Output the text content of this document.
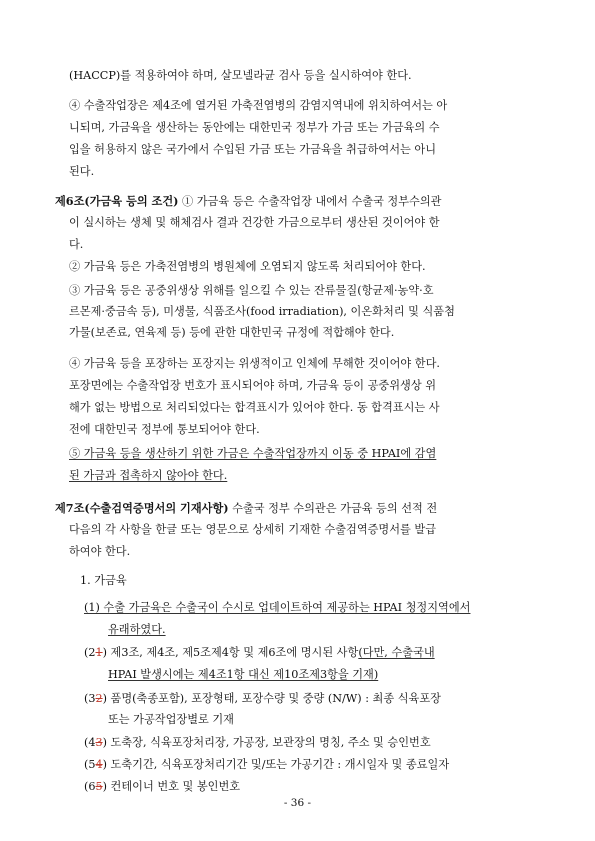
(HACCP)를 적용하여야 하며, 살모넬라균 검사 등을 실시하여야 한다.
④ 수출작업장은 제4조에 열거된 가축전염병의 감염지역내에 위치하여서는 아
니되며, 가금육을 생산하는 동안에는 대한민국 정부가 가금 또는 가금육의 수
입을 허용하지 않은 국가에서 수입된 가금 또는 가금육을 취급하여서는 아니
된다.
제6조(가금육 등의 조건) ① 가금육 등은 수출작업장 내에서 수출국 정부수의관
이 실시하는 생체 및 해체검사 결과 건강한 가금으로부터 생산된 것이어야 한
다.
② 가금육 등은 가축전염병의 병원체에 오염되지 않도록 처리되어야 한다.
③ 가금육 등은 공중위생상 위해를 일으킬 수 있는 잔류물질(항균제·농약·호
르몬제·중금속 등), 미생물, 식품조사(food irradiation), 이온화처리 및 식품첨
가물(보존료, 연육제 등) 등에 관한 대한민국 규정에 적합해야 한다.
④ 가금육 등을 포장하는 포장지는 위생적이고 인체에 무해한 것이어야 한다.
포장면에는 수출작업장 번호가 표시되어야 하며, 가금육 등이 공중위생상 위
해가 없는 방법으로 처리되었다는 합격표시가 있어야 한다. 동 합격표시는 사
전에 대한민국 정부에 통보되어야 한다.
⑤ 가금육 등을 생산하기 위한 가금은 수출작업장까지 이동 중 HPAI에 감염
된 가금과 접촉하지 않아야 한다.
제7조(수출검역증명서의 기재사항) 수출국 정부 수의관은 가금육 등의 선적 전
다음의 각 사항을 한글 또는 영문으로 상세히 기재한 수출검역증명서를 발급
하여야 한다.
1. 가금육
(1) 수출 가금육은 수출국이 수시로 업데이트하여 제공하는 HPAI 청정지역에서
유래하였다.
(21) 제3조, 제4조, 제5조제4항 및 제6조에 명시된 사항(다만, 수출국내
HPAI 발생시에는 제4조1항 대신 제10조제3항을 기재)
(32) 품명(축종포함), 포장형태, 포장수량 및 중량 (N/W) : 최종 식육포장
또는 가공작업장별로 기재
(43) 도축장, 식육포장처리장, 가공장, 보관장의 명칭, 주소 및 승인번호
(54) 도축기간, 식육포장처리기간 및/또는 가공기간 : 개시일자 및 종료일자
(65) 컨테이너 번호 및 봉인번호
- 36 -
